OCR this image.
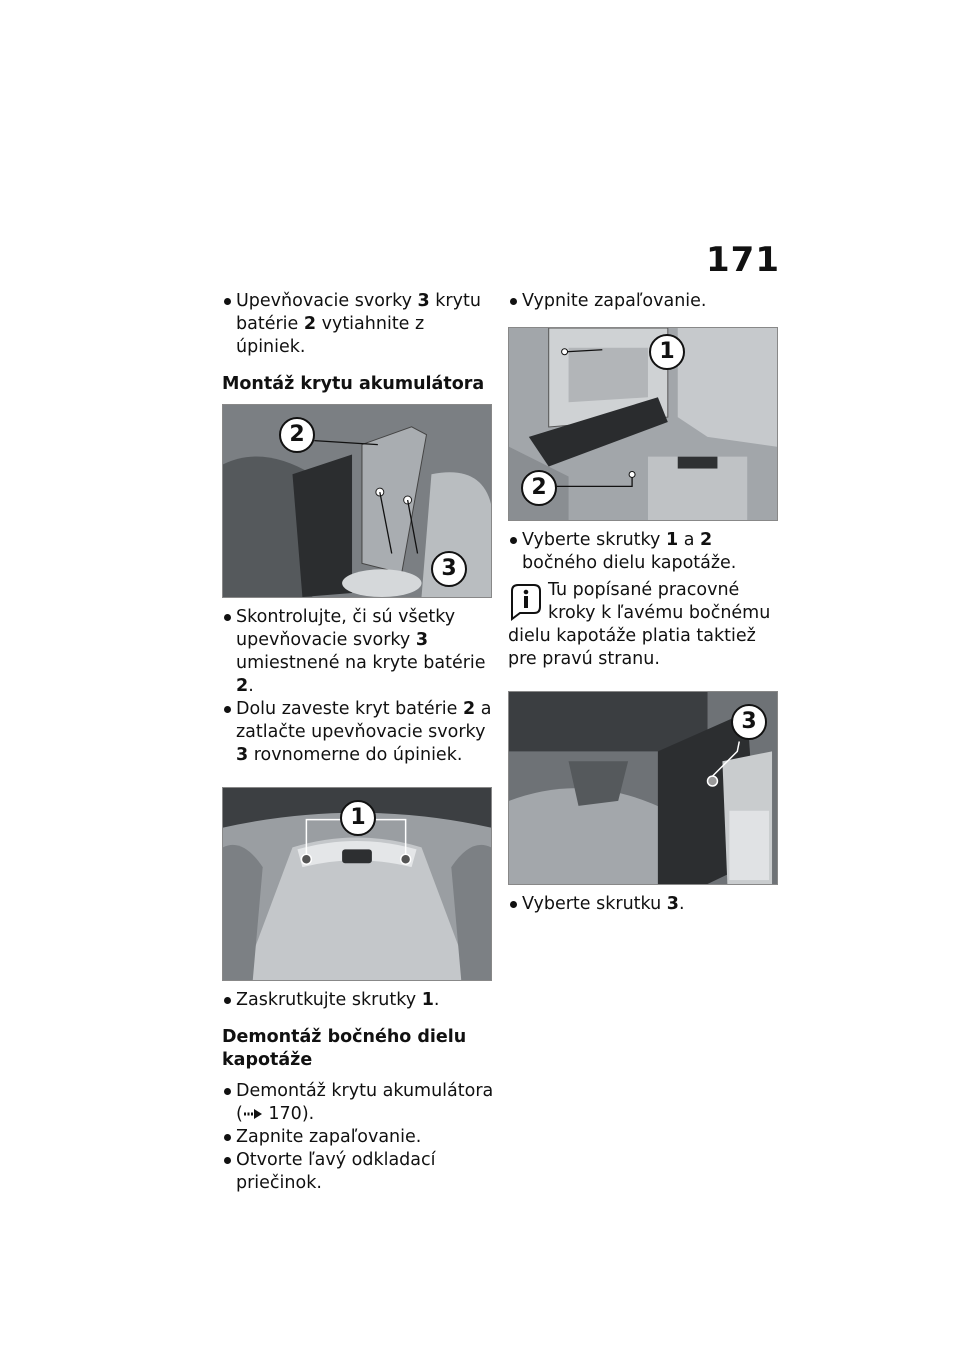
171

Upevňovacie svorky 3 krytu batérie 2 vytiahnite z úpiniek.

Montáž krytu akumulátora
2
3

Skontrolujte, či sú všetky upevňovacie svorky 3 umiestnené na kryte batérie 2.

Dolu zaveste kryt batérie 2 a zatlačte upevňovacie svorky 3 rovnomerne do úpiniek.

1

Zaskrutkujte skrutky 1.

Demontáž bočného dielu kapotáže

Demontáž krytu akumulátora ( 170).

Zapnite zapaľovanie.

Otvorte ľavý odkladací priečinok.

Vypnite zapaľovanie.

1
2

Vyberte skrutky 1 a 2 bočného dielu kapotáže.

Tu popísané pracovné kroky k ľavému bočnému dielu kapotáže platia taktiež pre pravú stranu.
3

Vyberte skrutku 3.
